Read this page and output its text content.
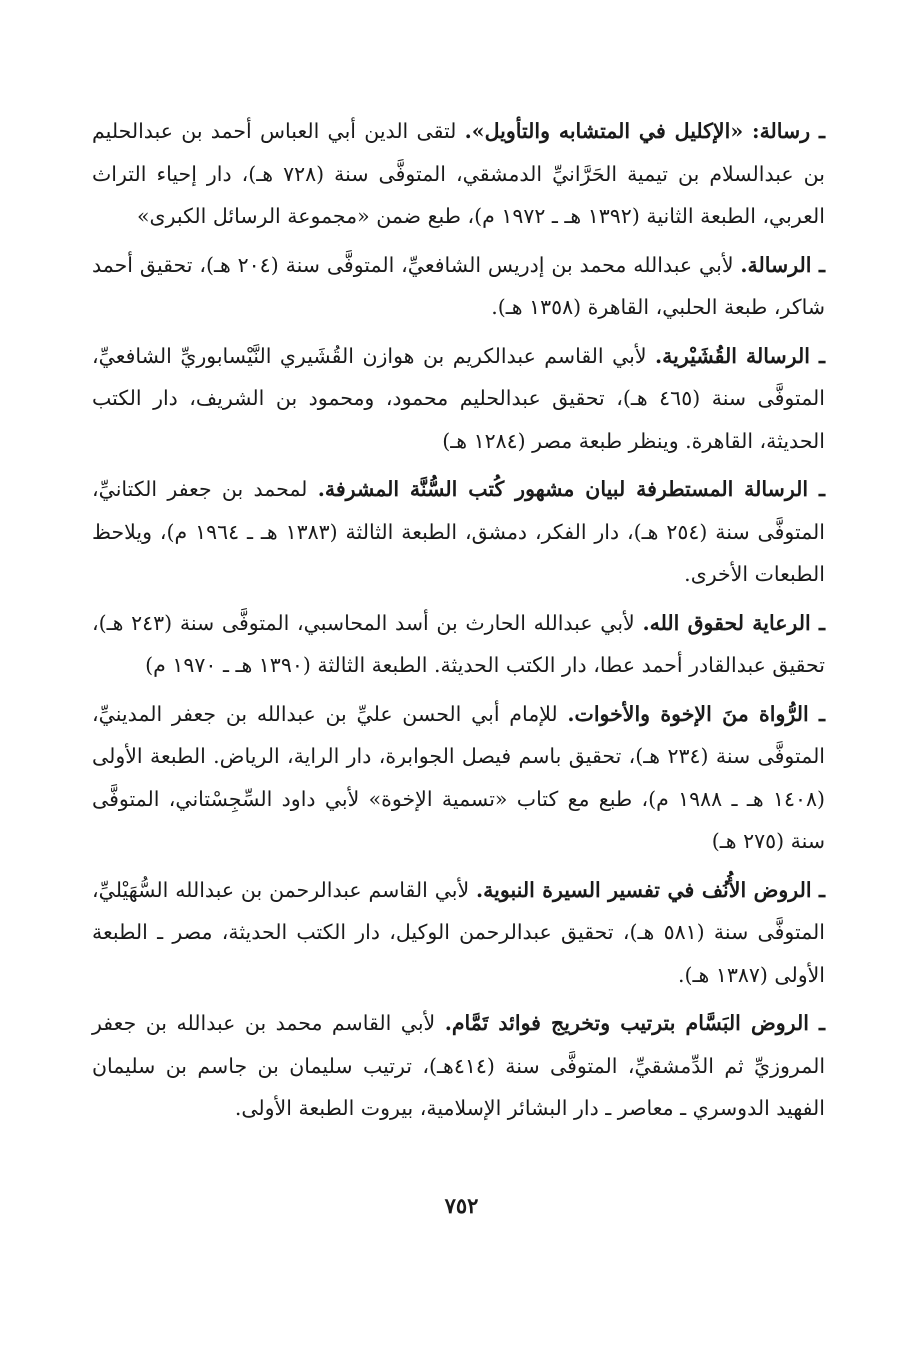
ـ رسالة: «الإكليل في المتشابه والتأويل». لتقى الدين أبي العباس أحمد بن عبدالحليم بن عبدالسلام بن تيمية الحَرَّانيِّ الدمشقي، المتوفَّى سنة (٧٢٨ هـ)، دار إحياء التراث العربي، الطبعة الثانية (١٣٩٢ هـ ـ ١٩٧٢ م)، طبع ضمن «مجموعة الرسائل الكبرى»

ـ الرسالة. لأبي عبدالله محمد بن إدريس الشافعيِّ، المتوفَّى سنة (٢٠٤ هـ)، تحقيق أحمد شاكر، طبعة الحلبي، القاهرة (١٣٥٨ هـ).

ـ الرسالة القُشَيْرية. لأبي القاسم عبدالكريم بن هوازن القُشَيري النَّيْسابوريِّ الشافعيِّ، المتوفَّى سنة (٤٦٥ هـ)، تحقيق عبدالحليم محمود، ومحمود بن الشريف، دار الكتب الحديثة، القاهرة. وينظر طبعة مصر (١٢٨٤ هـ)

ـ الرسالة المستطرفة لبيان مشهور كُتب السُّنَّة المشرفة. لمحمد بن جعفر الكتانيِّ، المتوفَّى سنة (٢٥٤ هـ)، دار الفكر، دمشق، الطبعة الثالثة (١٣٨٣ هـ ـ ١٩٦٤ م)، ويلاحظ الطبعات الأخرى.

ـ الرعاية لحقوق الله. لأبي عبدالله الحارث بن أسد المحاسبي، المتوفَّى سنة (٢٤٣ هـ)، تحقيق عبدالقادر أحمد عطا، دار الكتب الحديثة. الطبعة الثالثة (١٣٩٠ هـ ـ ١٩٧٠ م)

ـ الرُّواة منَ الإخوة والأخوات. للإمام أبي الحسن عليِّ بن عبدالله بن جعفر المدينيِّ، المتوفَّى سنة (٢٣٤ هـ)، تحقيق باسم فيصل الجوابرة، دار الراية، الرياض. الطبعة الأولى (١٤٠٨ هـ ـ ١٩٨٨ م)، طبع مع كتاب «تسمية الإخوة» لأبي داود السِّجِسْتاني، المتوفَّى سنة (٢٧٥ هـ)

ـ الروض الأُنُف في تفسير السيرة النبوية. لأبي القاسم عبدالرحمن بن عبدالله السُّهَيْليِّ، المتوفَّى سنة (٥٨١ هـ)، تحقيق عبدالرحمن الوكيل، دار الكتب الحديثة، مصر ـ الطبعة الأولى (١٣٨٧ هـ).

ـ الروض البَسَّام بترتيب وتخريج فوائد تَمَّام. لأبي القاسم محمد بن عبدالله بن جعفر المروزيِّ ثم الدِّمشقيِّ، المتوفَّى سنة (٤١٤هـ)، ترتيب سليمان بن جاسم بن سليمان الفهيد الدوسري ـ معاصر ـ دار البشائر الإسلامية، بيروت الطبعة الأولى.

٧٥٢
